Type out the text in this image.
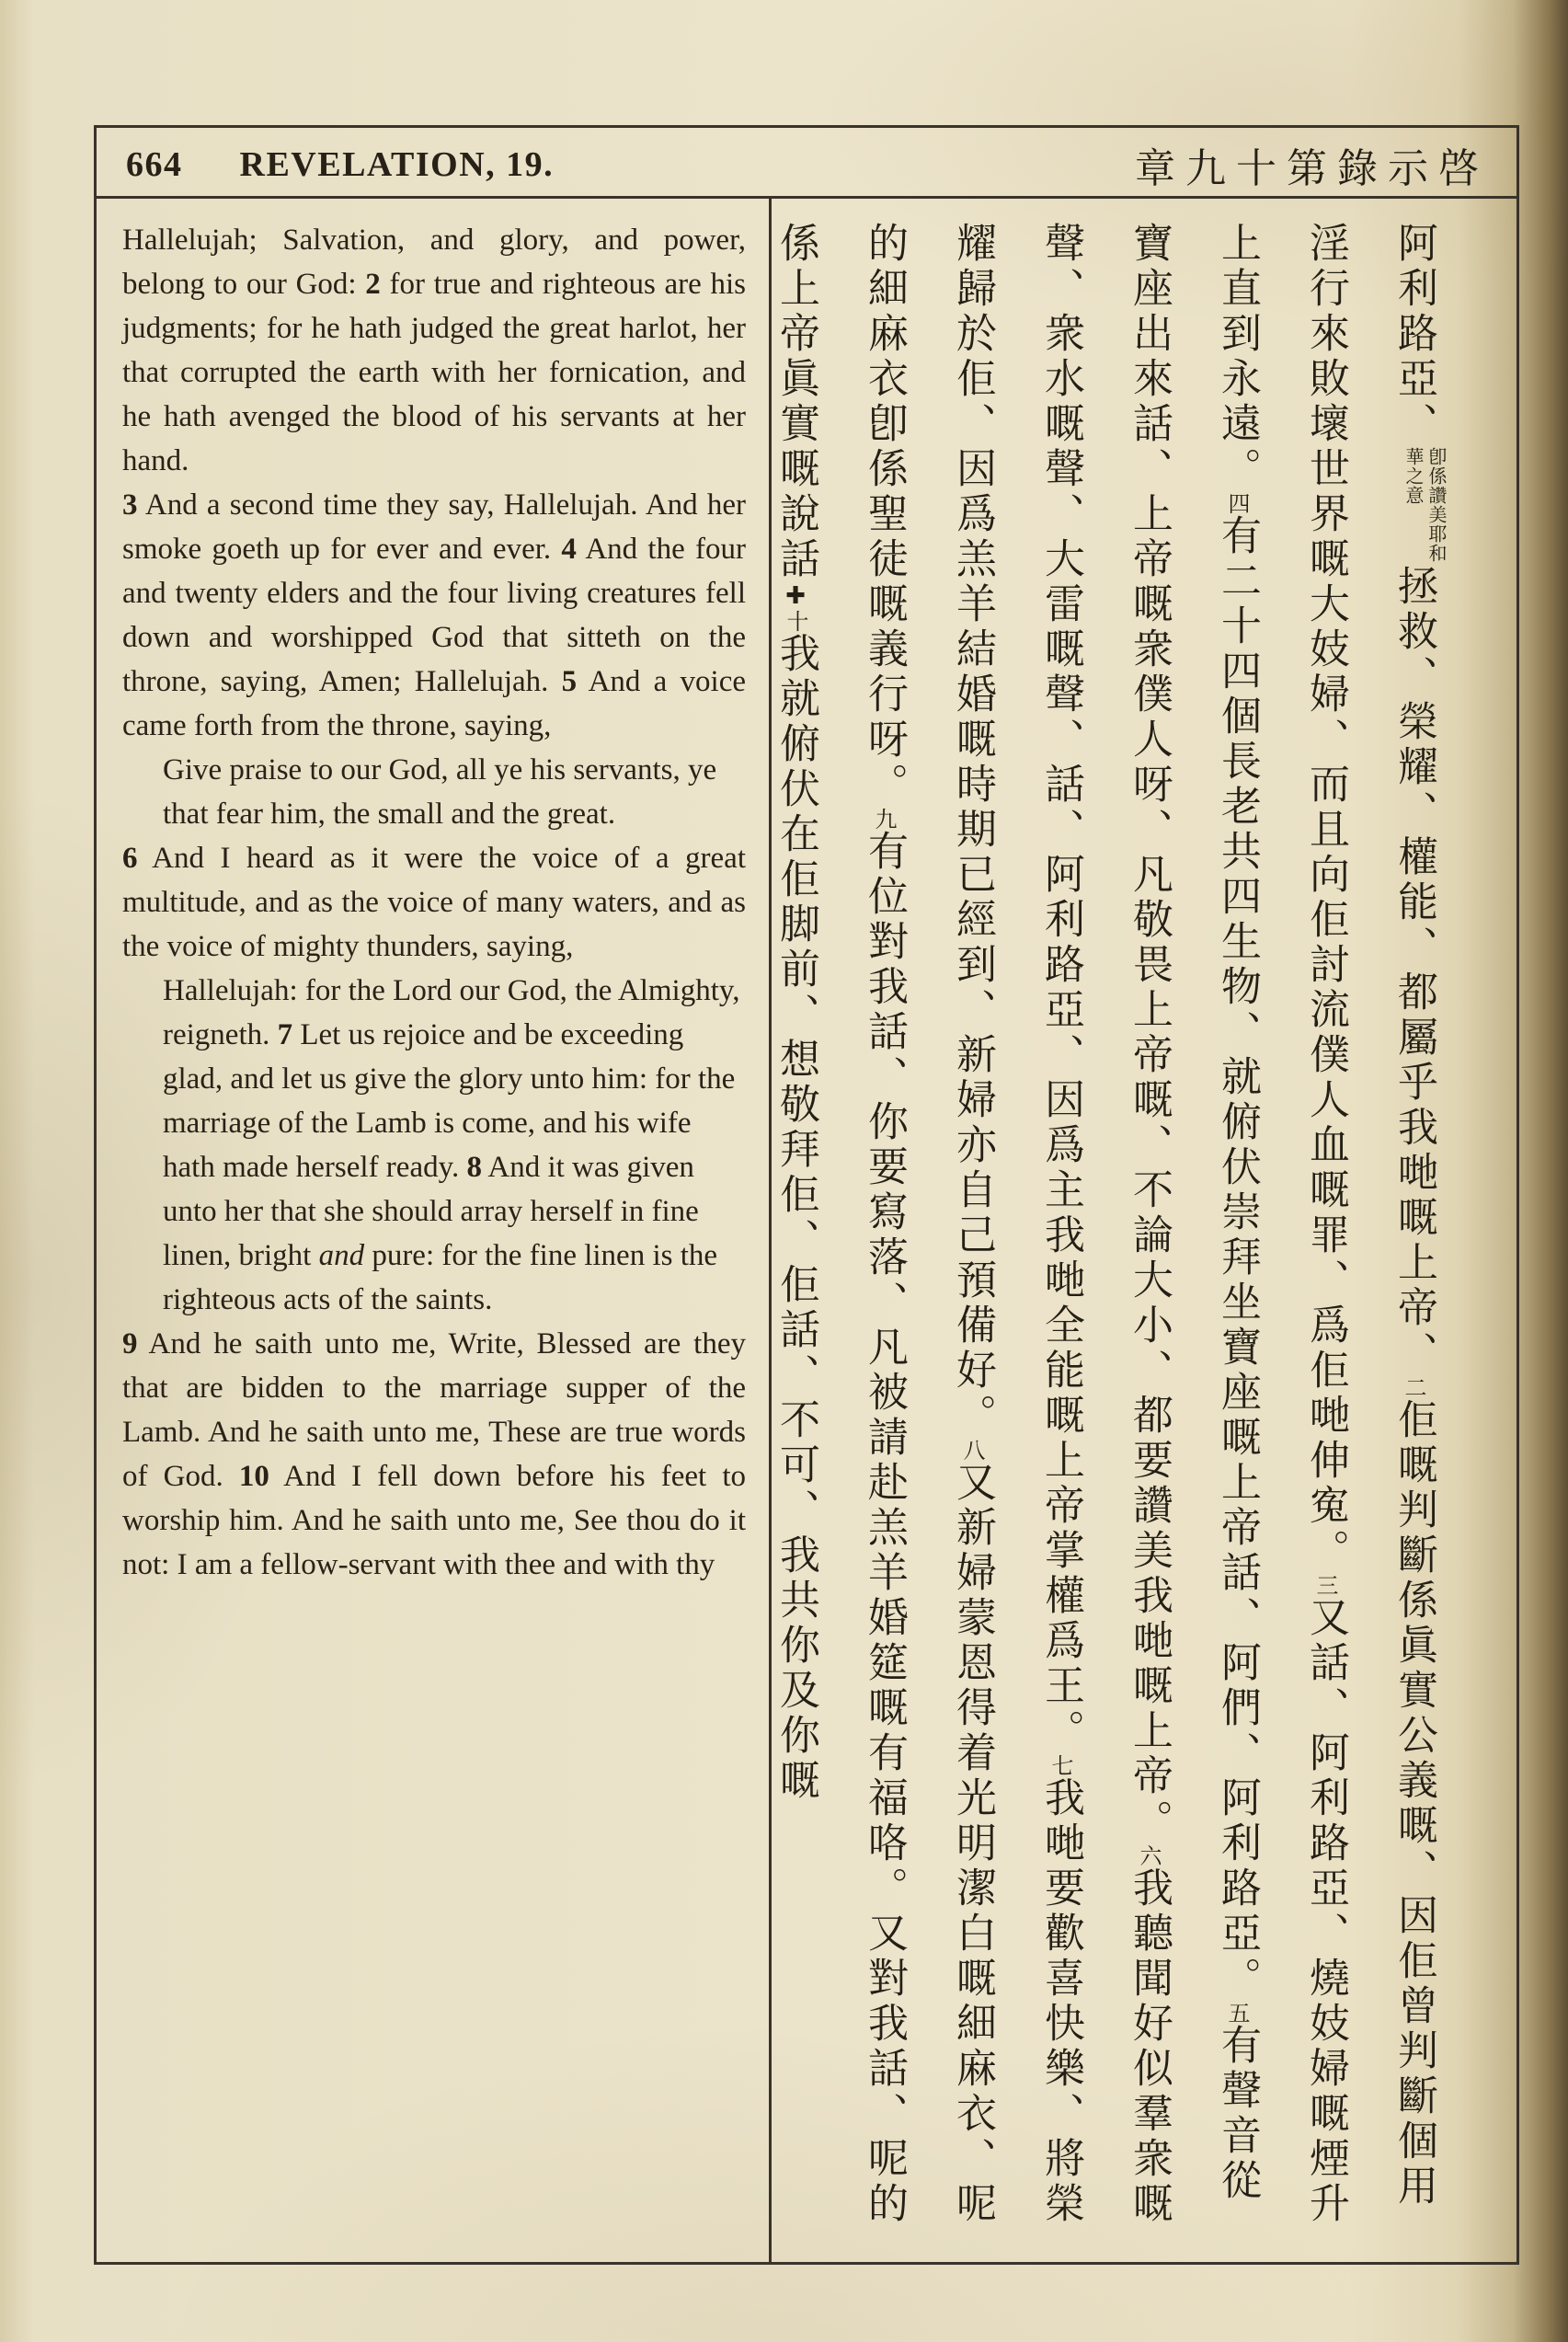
664 REVELATION, 19.	章九十第錄示啓

Hallelujah; Salvation, and glory, and power, belong to our God: 2 for true and righteous are his judgments; for he hath judged the great harlot, her that corrupted the earth with her fornication, and he hath avenged the blood of his servants at her hand.

3 And a second time they say, Hallelujah. And her smoke goeth up for ever and ever. 4 And the four and twenty elders and the four living creatures fell down and worshipped God that sitteth on the throne, saying, Amen; Hallelujah. 5 And a voice came forth from the throne, saying,

Give praise to our God, all ye his servants, ye that fear him, the small and the great.

6 And I heard as it were the voice of a great multitude, and as the voice of many waters, and as the voice of mighty thunders, saying,

Hallelujah: for the Lord our God, the Almighty, reigneth. 7 Let us rejoice and be exceeding glad, and let us give the glory unto him: for the marriage of the Lamb is come, and his wife hath made herself ready. 8 And it was given unto her that she should array herself in fine linen, bright and pure: for the fine linen is the righteous acts of the saints.

9 And he saith unto me, Write, Blessed are they that are bidden to the marriage supper of the Lamb. And he saith unto me, These are true words of God. 10 And I fell down before his feet to worship him. And he saith unto me, See thou do it not: I am a fellow-servant with thee and with thy

阿利路亞、卽係讚美耶和華之意拯救、榮耀、權能、都屬乎我哋嘅上帝、二佢嘅判斷係眞實公義嘅、因佢曾判斷個用淫行來敗壞世界嘅大妓婦、而且向佢討流僕人血嘅罪、爲佢哋伸寃。三又話、阿利路亞、燒妓婦嘅煙升上直到永遠。四有二十四個長老共四生物、就俯伏崇拜坐寶座嘅上帝話、阿們、阿利路亞。五有聲音從寶座出來話、上帝嘅衆僕人呀、凡敬畏上帝嘅、不論大小、都要讚美我哋嘅上帝。六我聽聞好似羣衆嘅聲、衆水嘅聲、大雷嘅聲、話、阿利路亞、因爲主我哋全能嘅上帝掌權爲王。七我哋要歡喜快樂、將榮耀歸於佢、因爲羔羊結婚嘅時期已經到、新婦亦自己預備好。八又新婦蒙恩得着光明潔白嘅細麻衣、呢的細麻衣卽係聖徒嘅義行呀。九有位對我話、你要寫落、凡被請赴羔羊婚筵嘅有福咯。又對我話、呢的係上帝眞實嘅說話✚十我就俯伏在佢脚前、想敬拜佢、佢話、不可、我共你及你嘅
